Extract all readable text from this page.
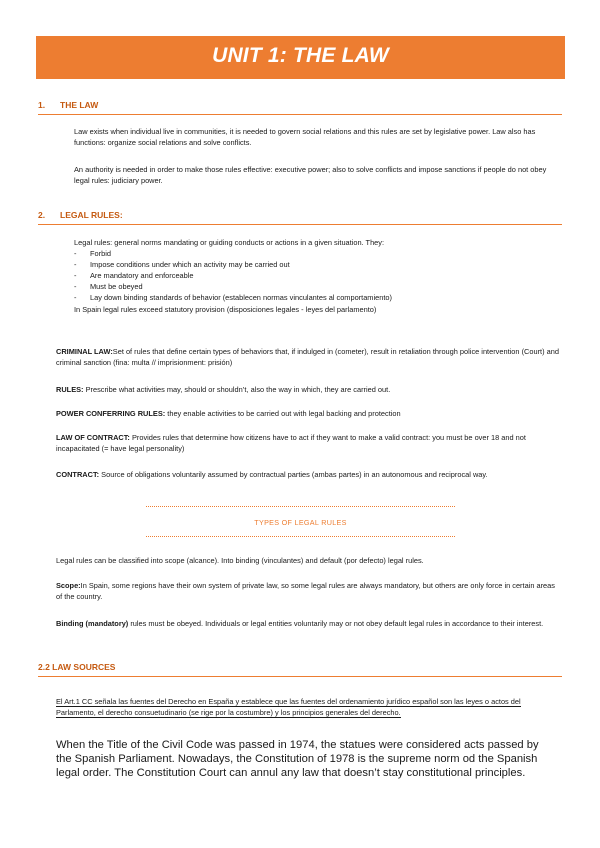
UNIT 1: THE LAW
1. THE LAW

Law exists when individual live in communities, it is needed to govern social relations and this rules are set by legislative power. Law also has functions: organize social relations and solve conflicts.

An authority is needed in order to make those rules effective: executive power; also to solve conflicts and impose sanctions if people do not obey legal rules: judiciary power.

2. LEGAL RULES:

Legal rules: general norms mandating or guiding conducts or actions in a given situation. They:

- Forbid
- Impose conditions under which an activity may be carried out
- Are mandatory and enforceable
- Must be obeyed
- Lay down binding standards of behavior (establecen normas vinculantes al comportamiento)

In Spain legal rules exceed statutory provision (disposiciones legales - leyes del parlamento)

CRIMINAL LAW:Set of rules that define certain types of behaviors that, if indulged in (cometer), result in retaliation through police intervention (Court) and criminal sanction (fina: multa // imprisionment: prisión)

RULES: Prescribe what activities may, should or shouldn’t, also the way in which, they are carried out.

POWER CONFERRING RULES: they enable activities to be carried out with legal backing and protection

LAW OF CONTRACT: Provides rules that determine how citizens have to act if they want to make a valid contract: you must be over 18 and not incapacitated (= have legal personality)

CONTRACT: Source of obligations voluntarily assumed by contractual parties (ambas partes) in an autonomous and reciprocal way.

TYPES OF LEGAL RULES

Legal rules can be classified into scope (alcance). Into binding (vinculantes) and default (por defecto) legal rules.

Scope:In Spain, some regions have their own system of private law, so some legal rules are always mandatory, but others are only force in certain areas of the country.

Binding (mandatory) rules must be obeyed. Individuals or legal entities voluntarily may or not obey default legal rules in accordance to their interest.

2.2 LAW SOURCES

El Art.1 CC señala las fuentes del Derecho en España y establece que las fuentes del ordenamiento jurídico español son las leyes o actos del Parlamento, el derecho consuetudinario (se rige por la costumbre) y los principios generales del derecho.

When the Title of the Civil Code was passed in 1974, the statues were considered acts passed by the Spanish Parliament. Nowadays, the Constitution of 1978 is the supreme norm od the Spanish legal order. The Constitution Court can annul any law that doesn’t stay constitutional principles.
